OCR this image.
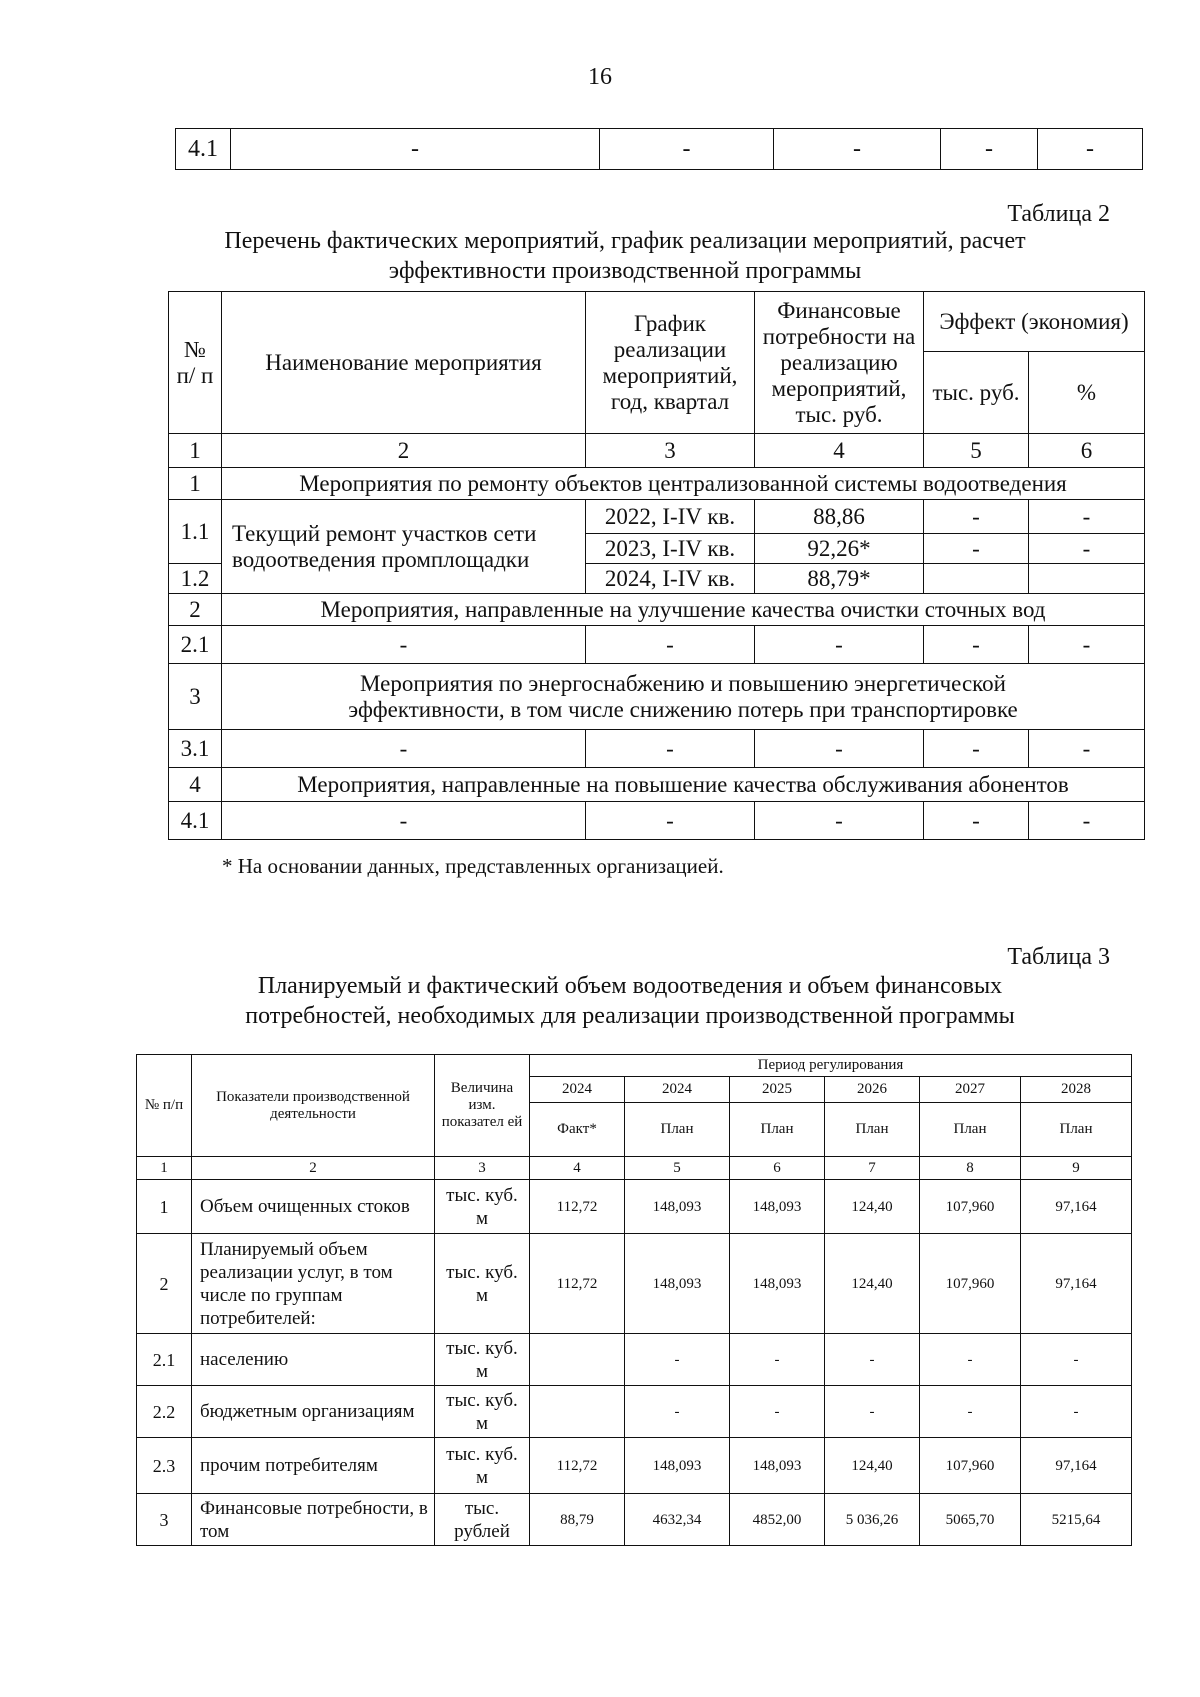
16
4.1	-	-	-	-	-
Таблица 2
Перечень фактических мероприятий, график реализации мероприятий, расчет
эффективности производственной программы
№ п/ п	Наименование мероприятия	График реализации мероприятий, год, квартал	Финансовые потребности на реализацию мероприятий, тыс. руб.	Эффект (экономия)	
				тыс. руб.	%
1	2	3	4	5	6
1	Мероприятия по ремонту объектов централизованной системы водоотведения				
1.1	Текущий ремонт участков сети водоотведения промплощадки	2022, I-IV кв.	88,86	-	-
		2023, I-IV кв.	92,26*	-	-
1.2		2024, I-IV кв.	88,79*		
2	Мероприятия, направленные на улучшение качества очистки сточных вод				
2.1	-	-	-	-	-
3	Мероприятия по энергоснабжению и повышению энергетической
эффективности, в том числе снижению потерь при транспортировке				

3.1	-	-	-	-	-
4	Мероприятия, направленные на повышение качества обслуживания абонентов				
4.1	-	-	-	-	-
* На основании данных, представленных организацией.
Таблица 3
Планируемый и фактический объем водоотведения и объем финансовых
потребностей, необходимых для реализации производственной программы
№ п/п	Показатели производственной деятельности	Величина изм. показател ей	Период регулирования					
			2024	2024	2025	2026	2027	2028
			Факт*	План	План	План	План	План
1	2	3	4	5	6	7	8	9
1	Объем очищенных стоков	тыс. куб. м	112,72	148,093	148,093	124,40	107,960	97,164
2	Планируемый объем реализации услуг, в том числе по группам потребителей:	тыс. куб. м	112,72	148,093	148,093	124,40	107,960	97,164
2.1	населению	тыс. куб. м		-	-	-	-	-
2.2	бюджетным организациям	тыс. куб. м		-	-	-	-	-
2.3	прочим потребителям	тыс. куб. м	112,72	148,093	148,093	124,40	107,960	97,164
3	Финансовые потребности, в том	тыс. рублей	88,79	4632,34	4852,00	5 036,26	5065,70	5215,64
